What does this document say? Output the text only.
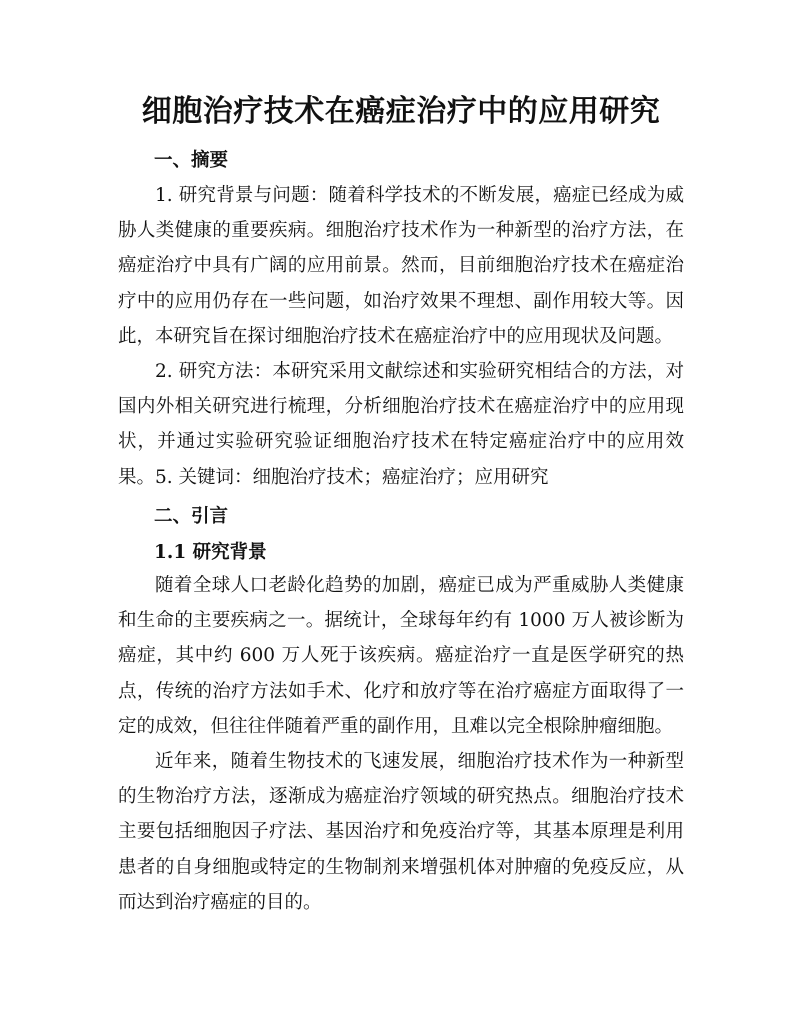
细胞治疗技术在癌症治疗中的应用研究
一、摘要

1. 研究背景与问题：随着科学技术的不断发展，癌症已经成为威胁人类健康的重要疾病。细胞治疗技术作为一种新型的治疗方法，在癌症治疗中具有广阔的应用前景。然而，目前细胞治疗技术在癌症治疗中的应用仍存在一些问题，如治疗效果不理想、副作用较大等。因此，本研究旨在探讨细胞治疗技术在癌症治疗中的应用现状及问题。

2. 研究方法：本研究采用文献综述和实验研究相结合的方法，对国内外相关研究进行梳理，分析细胞治疗技术在癌症治疗中的应用现状，并通过实验研究验证细胞治疗技术在特定癌症治疗中的应用效果。 5. 关键词：细胞治疗技术；癌症治疗；应用研究

二、引言
1.1 研究背景

随着全球人口老龄化趋势的加剧，癌症已成为严重威胁人类健康和生命的主要疾病之一。据统计，全球每年约有 1000 万人被诊断为癌症，其中约 600 万人死于该疾病。癌症治疗一直是医学研究的热点，传统的治疗方法如手术、化疗和放疗等在治疗癌症方面取得了一定的成效，但往往伴随着严重的副作用，且难以完全根除肿瘤细胞。

近年来，随着生物技术的飞速发展，细胞治疗技术作为一种新型的生物治疗方法，逐渐成为癌症治疗领域的研究热点。细胞治疗技术主要包括细胞因子疗法、基因治疗和免疫治疗等，其基本原理是利用患者的自身细胞或特定的生物制剂来增强机体对肿瘤的免疫反应，从而达到治疗癌症的目的。
